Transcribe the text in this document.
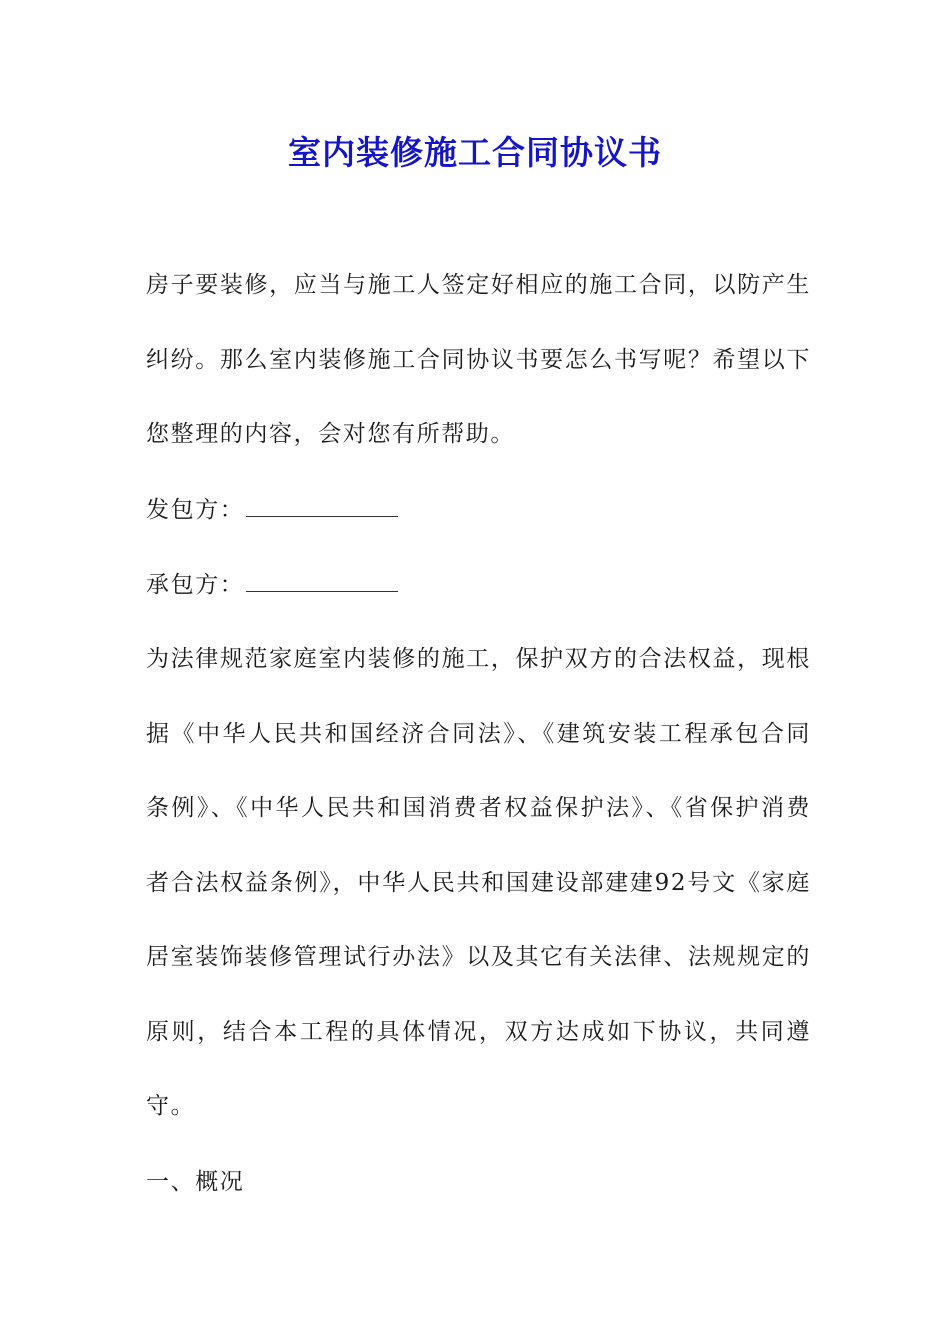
室内装修施工合同协议书

房子要装修，应当与施工人签定好相应的施工合同，以防产生纠纷。那么室内装修施工合同协议书要怎么书写呢？希望以下您整理的内容，会对您有所帮助。

发包方：
承包方：

为法律规范家庭室内装修的施工，保护双方的合法权益，现根据《中华人民共和国经济合同法》、《建筑安装工程承包合同条例》、《中华人民共和国消费者权益保护法》、《省保护消费者合法权益条例》，中华人民共和国建设部建建92号文《家庭居室装饰装修管理试行办法》以及其它有关法律、法规规定的原则，结合本工程的具体情况，双方达成如下协议，共同遵守。

一、概况
